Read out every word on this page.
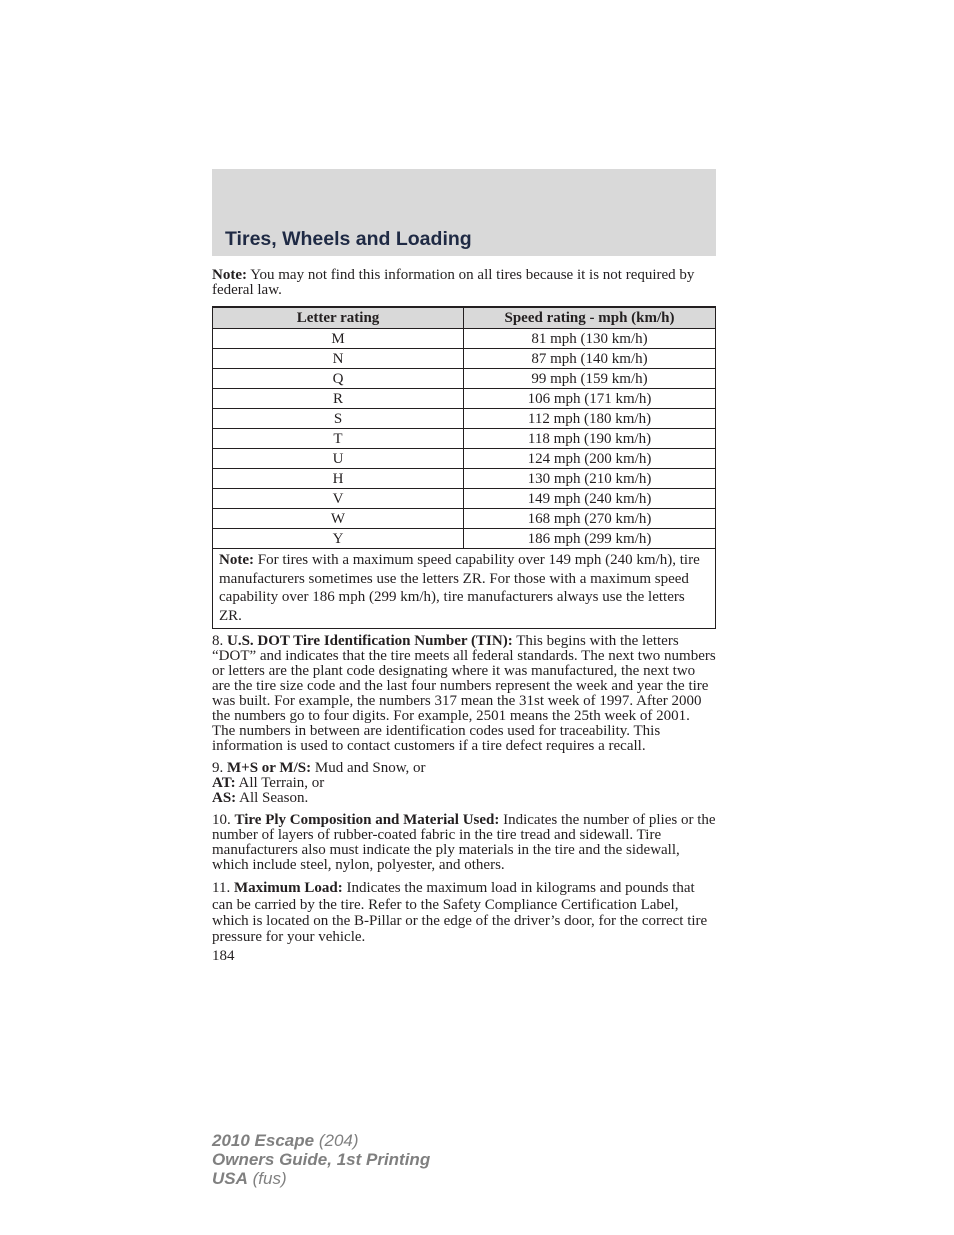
Tires, Wheels and Loading

Note: You may not find this information on all tires because it is not required by federal law.

Letter rating	Speed rating - mph (km/h)
M	81 mph (130 km/h)
N	87 mph (140 km/h)
Q	99 mph (159 km/h)
R	106 mph (171 km/h)
S	112 mph (180 km/h)
T	118 mph (190 km/h)
U	124 mph (200 km/h)
H	130 mph (210 km/h)
V	149 mph (240 km/h)
W	168 mph (270 km/h)
Y	186 mph (299 km/h)
Note: For tires with a maximum speed capability over 149 mph (240 km/h), tire manufacturers sometimes use the letters ZR. For those with a maximum speed capability over 186 mph (299 km/h), tire manufacturers always use the letters ZR.	

8. U.S. DOT Tire Identification Number (TIN): This begins with the letters “DOT” and indicates that the tire meets all federal standards. The next two numbers or letters are the plant code designating where it was manufactured, the next two are the tire size code and the last four numbers represent the week and year the tire was built. For example, the numbers 317 mean the 31st week of 1997. After 2000 the numbers go to four digits. For example, 2501 means the 25th week of 2001. The numbers in between are identification codes used for traceability. This information is used to contact customers if a tire defect requires a recall.

9. M+S or M/S: Mud and Snow, or
AT: All Terrain, or
AS: All Season.

10. Tire Ply Composition and Material Used: Indicates the number of plies or the number of layers of rubber-coated fabric in the tire tread and sidewall. Tire manufacturers also must indicate the ply materials in the tire and the sidewall, which include steel, nylon, polyester, and others.

11. Maximum Load: Indicates the maximum load in kilograms and pounds that can be carried by the tire. Refer to the Safety Compliance Certification Label, which is located on the B-Pillar or the edge of the driver’s door, for the correct tire pressure for your vehicle.

184
2010 Escape (204)
Owners Guide, 1st Printing
USA (fus)
